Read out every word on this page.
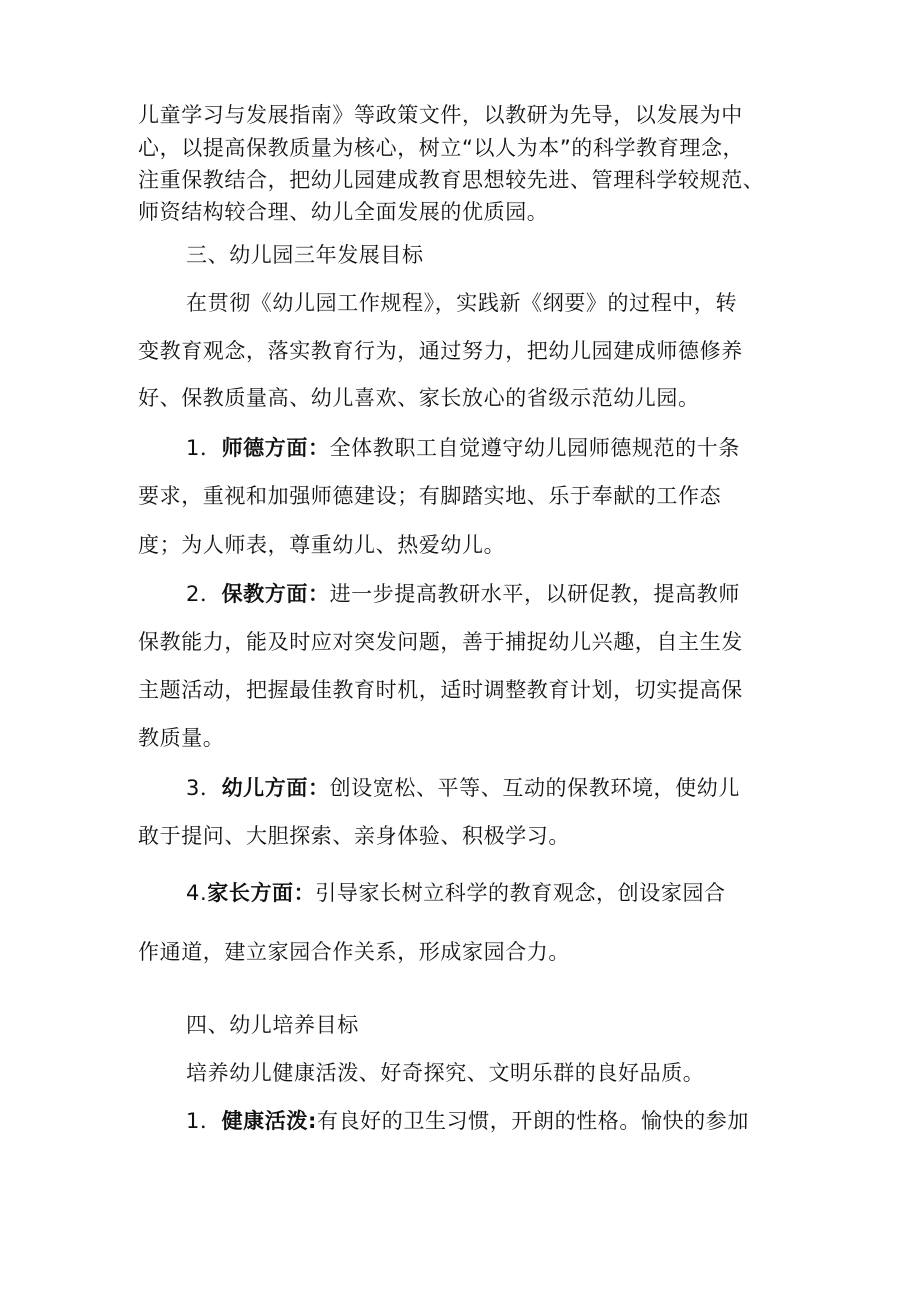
儿童学习与发展指南》等政策文件，以教研为先导，以发展为中
心，以提高保教质量为核心，树立“以人为本”的科学教育理念，
注重保教结合，把幼儿园建成教育思想较先进、管理科学较规范、
师资结构较合理、幼儿全面发展的优质园。
三、幼儿园三年发展目标
在贯彻《幼儿园工作规程》，实践新《纲要》的过程中，转
变教育观念，落实教育行为，通过努力，把幼儿园建成师德修养
好、保教质量高、幼儿喜欢、家长放心的省级示范幼儿园。
1．师德方面：全体教职工自觉遵守幼儿园师德规范的十条
要求，重视和加强师德建设；有脚踏实地、乐于奉献的工作态
度；为人师表，尊重幼儿、热爱幼儿。
2．保教方面：进一步提高教研水平，以研促教，提高教师
保教能力，能及时应对突发问题，善于捕捉幼儿兴趣，自主生发
主题活动，把握最佳教育时机，适时调整教育计划，切实提高保
教质量。
3．幼儿方面：创设宽松、平等、互动的保教环境，使幼儿
敢于提问、大胆探索、亲身体验、积极学习。
4.家长方面：引导家长树立科学的教育观念，创设家园合
作通道，建立家园合作关系，形成家园合力。
四、幼儿培养目标
培养幼儿健康活泼、好奇探究、文明乐群的良好品质。
1．健康活泼:有良好的卫生习惯，开朗的性格。愉快的参加
